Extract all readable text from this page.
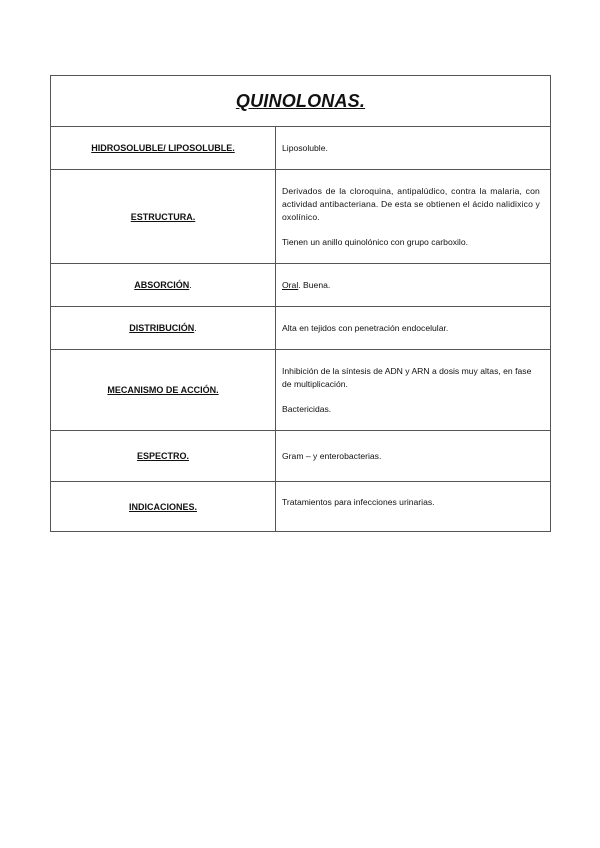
QUINOLONAS.	
HIDROSOLUBLE/ LIPOSOLUBLE.	Liposoluble.

ESTRUCTURA.	Derivados de la cloroquina, antipalúdico, contra la malaria, con actividad antibacteriana. De esta se obtienen el ácido nalidixico y oxolínico.

Tienen un anillo quinolónico con grupo carboxilo.

ABSORCIÓN.	Oral. Buena.

DISTRIBUCIÓN.	Alta en tejidos con penetración endocelular.

MECANISMO DE ACCIÓN.	Inhibición de la síntesis de ADN y ARN a dosis muy altas, en fase de multiplicación.

Bactericidas.

ESPECTRO.	Gram – y enterobacterias.

INDICACIONES.	Tratamientos para infecciones urinarias.
